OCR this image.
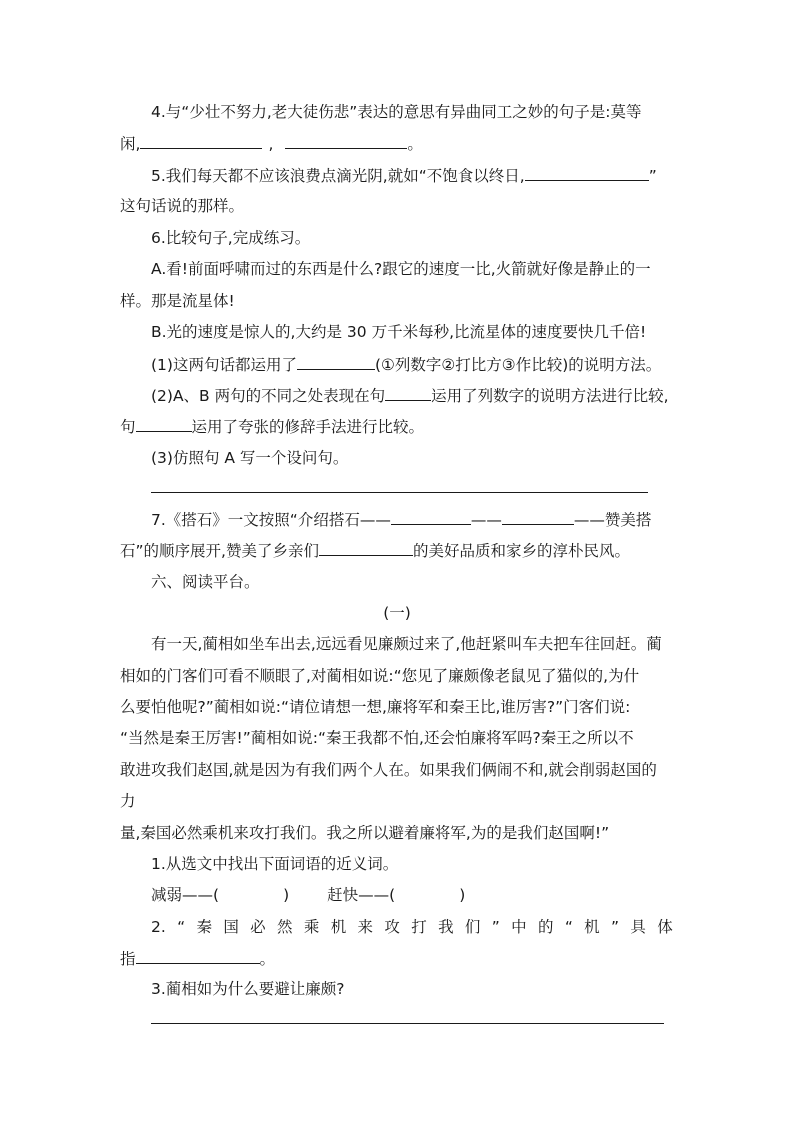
4.与“少壮不努力,老大徒伤悲”表达的意思有异曲同工之妙的句子是:莫等
闲,	,	。
5.我们每天都不应该浪费点滴光阴,就如“不饱食以终日,	”
这句话说的那样。
6.比较句子,完成练习。
A.看!前面呼啸而过的东西是什么?跟它的速度一比,火箭就好像是静止的一
样。那是流星体!
B.光的速度是惊人的,大约是 30 万千米每秒,比流星体的速度要快几千倍!
(1)这两句话都运用了	(①列数字②打比方③作比较)的说明方法。
(2)A、B 两句的不同之处表现在句	运用了列数字的说明方法进行比较,
句	运用了夸张的修辞手法进行比较。
(3)仿照句 A 写一个设问句。
7.《搭石》一文按照“介绍搭石——	——	——赞美搭
石”的顺序展开,赞美了乡亲们	的美好品质和家乡的淳朴民风。
六、阅读平台。
(一)
有一天,蔺相如坐车出去,远远看见廉颇过来了,他赶紧叫车夫把车往回赶。蔺
相如的门客们可看不顺眼了,对蔺相如说:“您见了廉颇像老鼠见了猫似的,为什
么要怕他呢?”蔺相如说:“请位请想一想,廉将军和秦王比,谁厉害?”门客们说:
“当然是秦王厉害!”蔺相如说:“秦王我都不怕,还会怕廉将军吗?秦王之所以不
敢进攻我们赵国,就是因为有我们两个人在。如果我们俩闹不和,就会削弱赵国的
力
量,秦国必然乘机来攻打我们。我之所以避着廉将军,为的是我们赵国啊!”
1.从选文中找出下面词语的近义词。
减弱——(	) 赶快——(	)
2. “ 秦 国 必 然 乘 机 来 攻 打 我 们 ” 中 的 “ 机 ” 具 体
指	。
3.蔺相如为什么要避让廉颇?
